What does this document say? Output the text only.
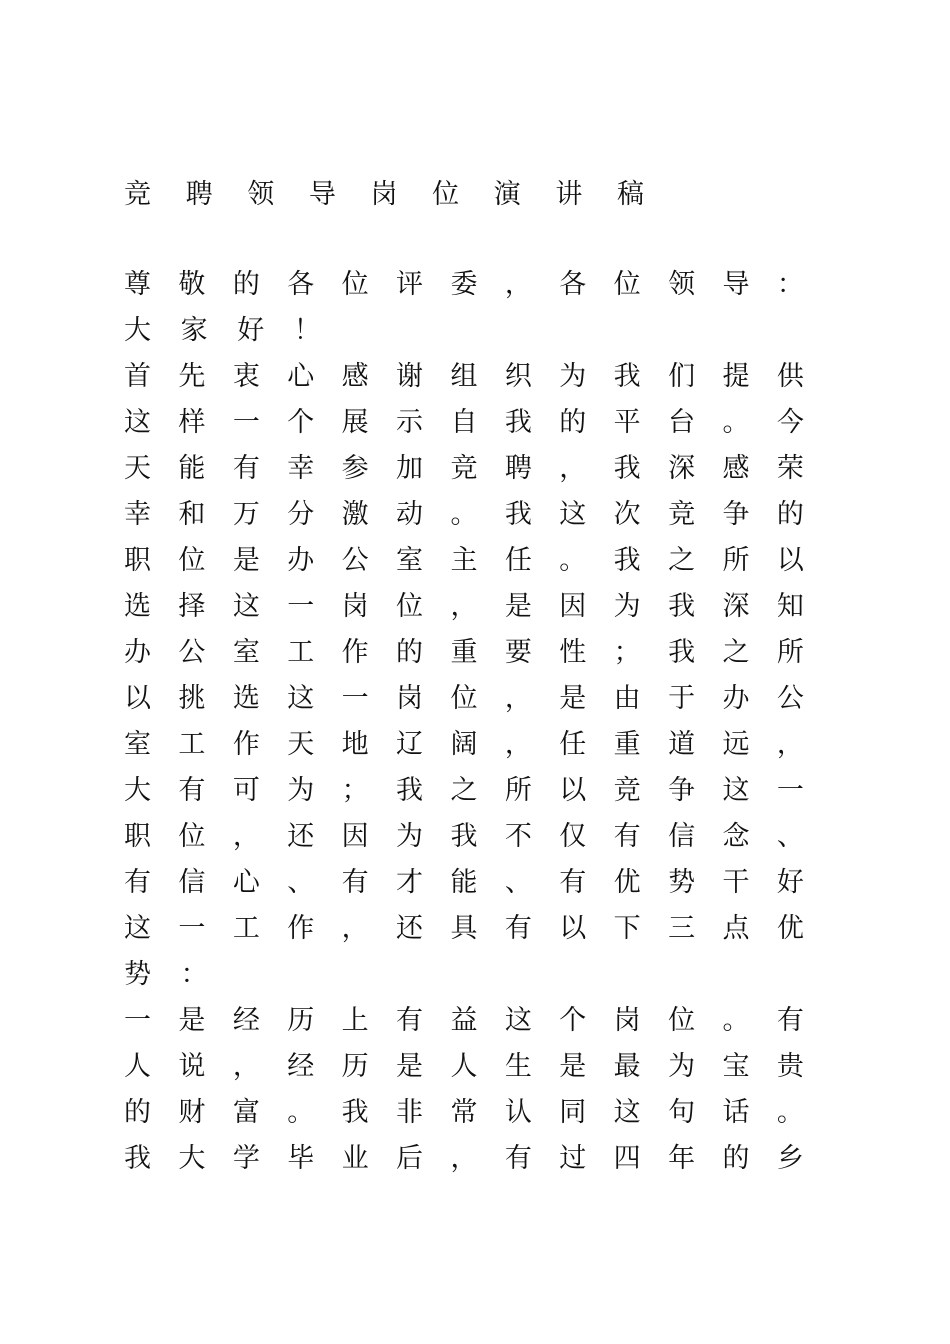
竞 聘 领 导 岗 位 演 讲 稿
尊 敬 的 各 位 评 委 ， 各 位 领 导 ：
大	家	好	！
首 先 衷 心 感 谢 组 织 为 我 们 提 供
这 样 一 个 展 示 自 我 的 平 台 。 今
天 能 有 幸 参 加 竞 聘 ， 我 深 感 荣
幸 和 万 分 激 动 。 我 这 次 竞 争 的
职 位 是 办 公 室 主 任 。 我 之 所 以
选 择 这 一 岗 位 ， 是 因 为 我 深 知
办 公 室 工 作 的 重 要 性 ； 我 之 所
以 挑 选 这 一 岗 位 ， 是 由 于 办 公
室 工 作 天 地 辽 阔 ， 任 重 道 远 ，
大 有 可 为 ； 我 之 所 以 竞 争 这 一
职 位 ， 还 因 为 我 不 仅 有 信 念 、
有 信 心 、 有 才 能 、 有 优 势 干 好
这 一 工 作 ， 还 具 有 以 下 三 点 优
势	：
一 是 经 历 上 有 益 这 个 岗 位 。 有
人 说 ， 经 历 是 人 生 是 最 为 宝 贵
的 财 富 。 我 非 常 认 同 这 句 话 。
我 大 学 毕 业 后 ， 有 过 四 年 的 乡
